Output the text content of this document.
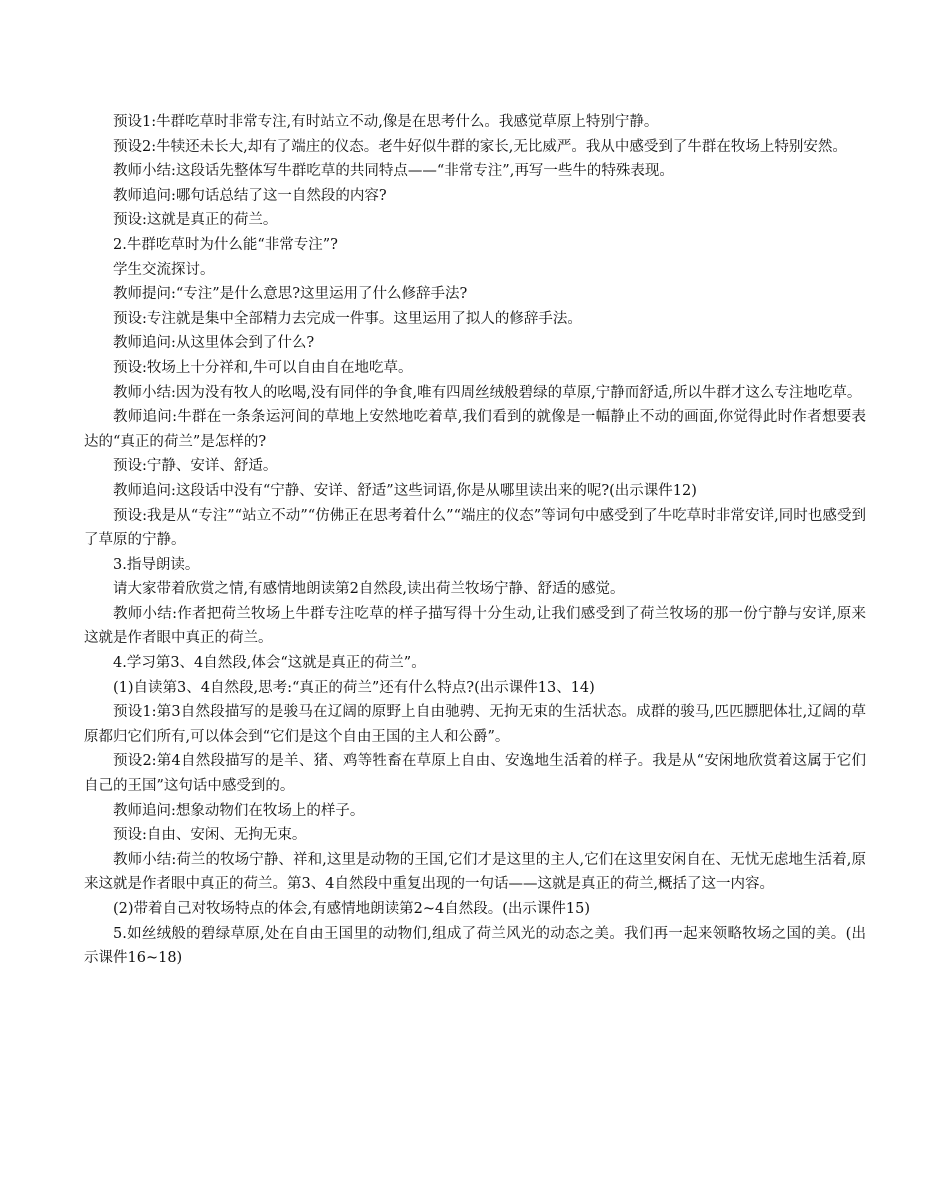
预设1:牛群吃草时非常专注,有时站立不动,像是在思考什么。我感觉草原上特别宁静。

预设2:牛犊还未长大,却有了端庄的仪态。老牛好似牛群的家长,无比威严。我从中感受到了牛群在牧场上特别安然。

教师小结:这段话先整体写牛群吃草的共同特点——“非常专注”,再写一些牛的特殊表现。

教师追问:哪句话总结了这一自然段的内容?

预设:这就是真正的荷兰。

2.牛群吃草时为什么能“非常专注”?

学生交流探讨。

教师提问:“专注”是什么意思?这里运用了什么修辞手法?

预设:专注就是集中全部精力去完成一件事。这里运用了拟人的修辞手法。

教师追问:从这里体会到了什么?

预设:牧场上十分祥和,牛可以自由自在地吃草。

教师小结:因为没有牧人的吆喝,没有同伴的争食,唯有四周丝绒般碧绿的草原,宁静而舒适,所以牛群才这么专注地吃草。

教师追问:牛群在一条条运河间的草地上安然地吃着草,我们看到的就像是一幅静止不动的画面,你觉得此时作者想要表达的“真正的荷兰”是怎样的?

预设:宁静、安详、舒适。

教师追问:这段话中没有“宁静、安详、舒适”这些词语,你是从哪里读出来的呢?(出示课件12)

预设:我是从“专注”“站立不动”“仿佛正在思考着什么”“端庄的仪态”等词句中感受到了牛吃草时非常安详,同时也感受到了草原的宁静。

3.指导朗读。

请大家带着欣赏之情,有感情地朗读第2自然段,读出荷兰牧场宁静、舒适的感觉。

教师小结:作者把荷兰牧场上牛群专注吃草的样子描写得十分生动,让我们感受到了荷兰牧场的那一份宁静与安详,原来这就是作者眼中真正的荷兰。

4.学习第3、4自然段,体会“这就是真正的荷兰”。

(1)自读第3、4自然段,思考:“真正的荷兰”还有什么特点?(出示课件13、14)

预设1:第3自然段描写的是骏马在辽阔的原野上自由驰骋、无拘无束的生活状态。成群的骏马,匹匹膘肥体壮,辽阔的草原都归它们所有,可以体会到“它们是这个自由王国的主人和公爵”。

预设2:第4自然段描写的是羊、猪、鸡等牲畜在草原上自由、安逸地生活着的样子。我是从“安闲地欣赏着这属于它们自己的王国”这句话中感受到的。

教师追问:想象动物们在牧场上的样子。

预设:自由、安闲、无拘无束。

教师小结:荷兰的牧场宁静、祥和,这里是动物的王国,它们才是这里的主人,它们在这里安闲自在、无忧无虑地生活着,原来这就是作者眼中真正的荷兰。第3、4自然段中重复出现的一句话——这就是真正的荷兰,概括了这一内容。

(2)带着自己对牧场特点的体会,有感情地朗读第2~4自然段。(出示课件15)

5.如丝绒般的碧绿草原,处在自由王国里的动物们,组成了荷兰风光的动态之美。我们再一起来领略牧场之国的美。(出示课件16~18)
